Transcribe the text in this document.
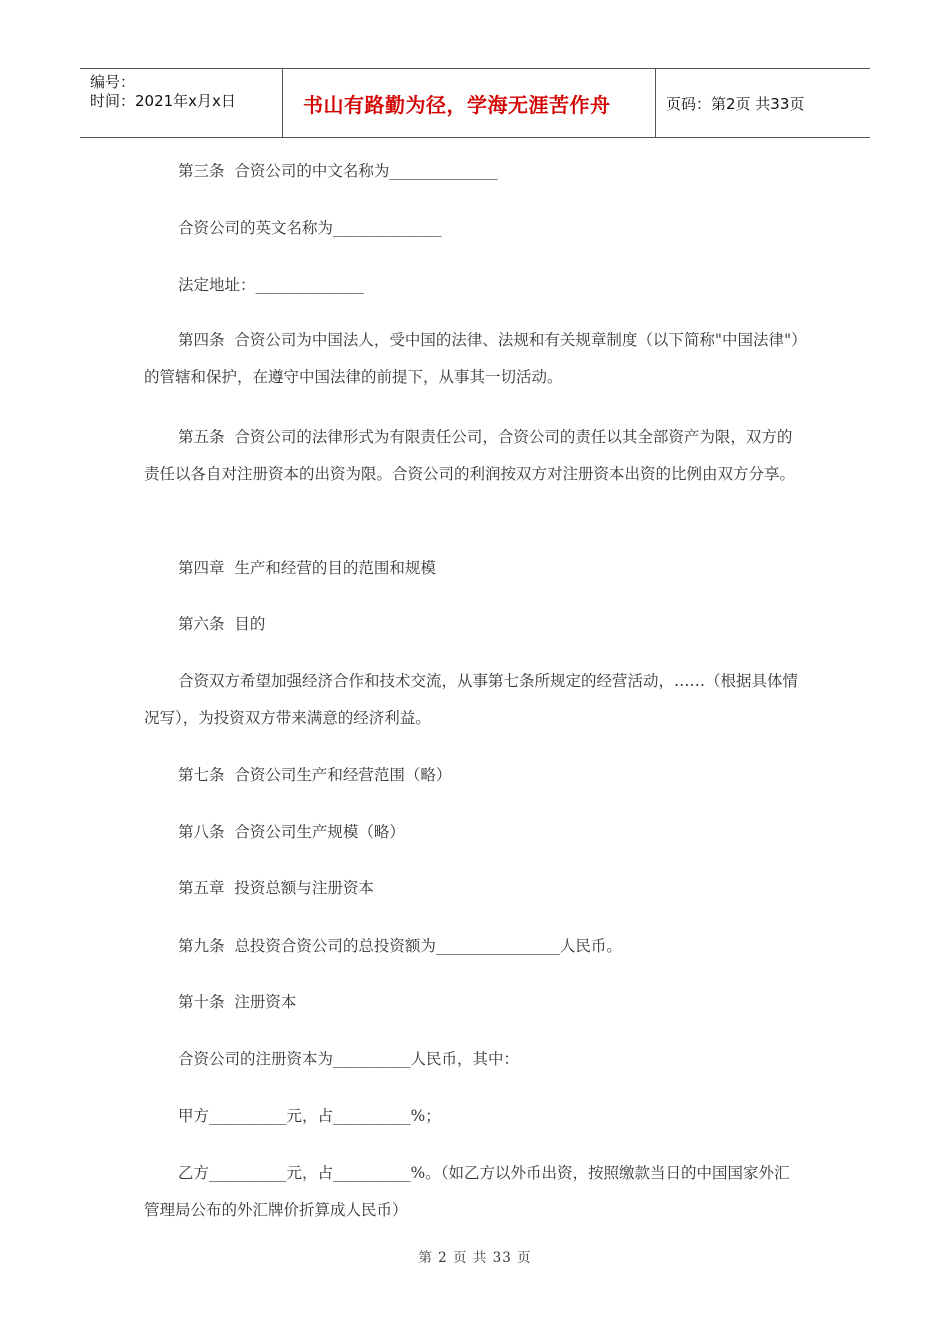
编号：
时间：2021年x月x日	书山有路勤为径，学海无涯苦作舟	页码：第2页 共33页

第三条  合资公司的中文名称为______________

合资公司的英文名称为______________

法定地址：______________

第四条  合资公司为中国法人，受中国的法律、法规和有关规章制度（以下简称"中国法律"）的管辖和保护，在遵守中国法律的前提下，从事其一切活动。

第五条  合资公司的法律形式为有限责任公司，合资公司的责任以其全部资产为限，双方的责任以各自对注册资本的出资为限。合资公司的利润按双方对注册资本出资的比例由双方分享。

第四章  生产和经营的目的范围和规模

第六条  目的

合资双方希望加强经济合作和技术交流，从事第七条所规定的经营活动，……（根据具体情况写），为投资双方带来满意的经济利益。

第七条  合资公司生产和经营范围（略）

第八条  合资公司生产规模（略）

第五章  投资总额与注册资本

第九条  总投资合资公司的总投资额为________________人民币。

第十条  注册资本

合资公司的注册资本为__________人民币，其中：

甲方__________元，占__________%；

乙方__________元，占__________%。（如乙方以外币出资，按照缴款当日的中国国家外汇管理局公布的外汇牌价折算成人民币）

第 2 页 共 33 页
